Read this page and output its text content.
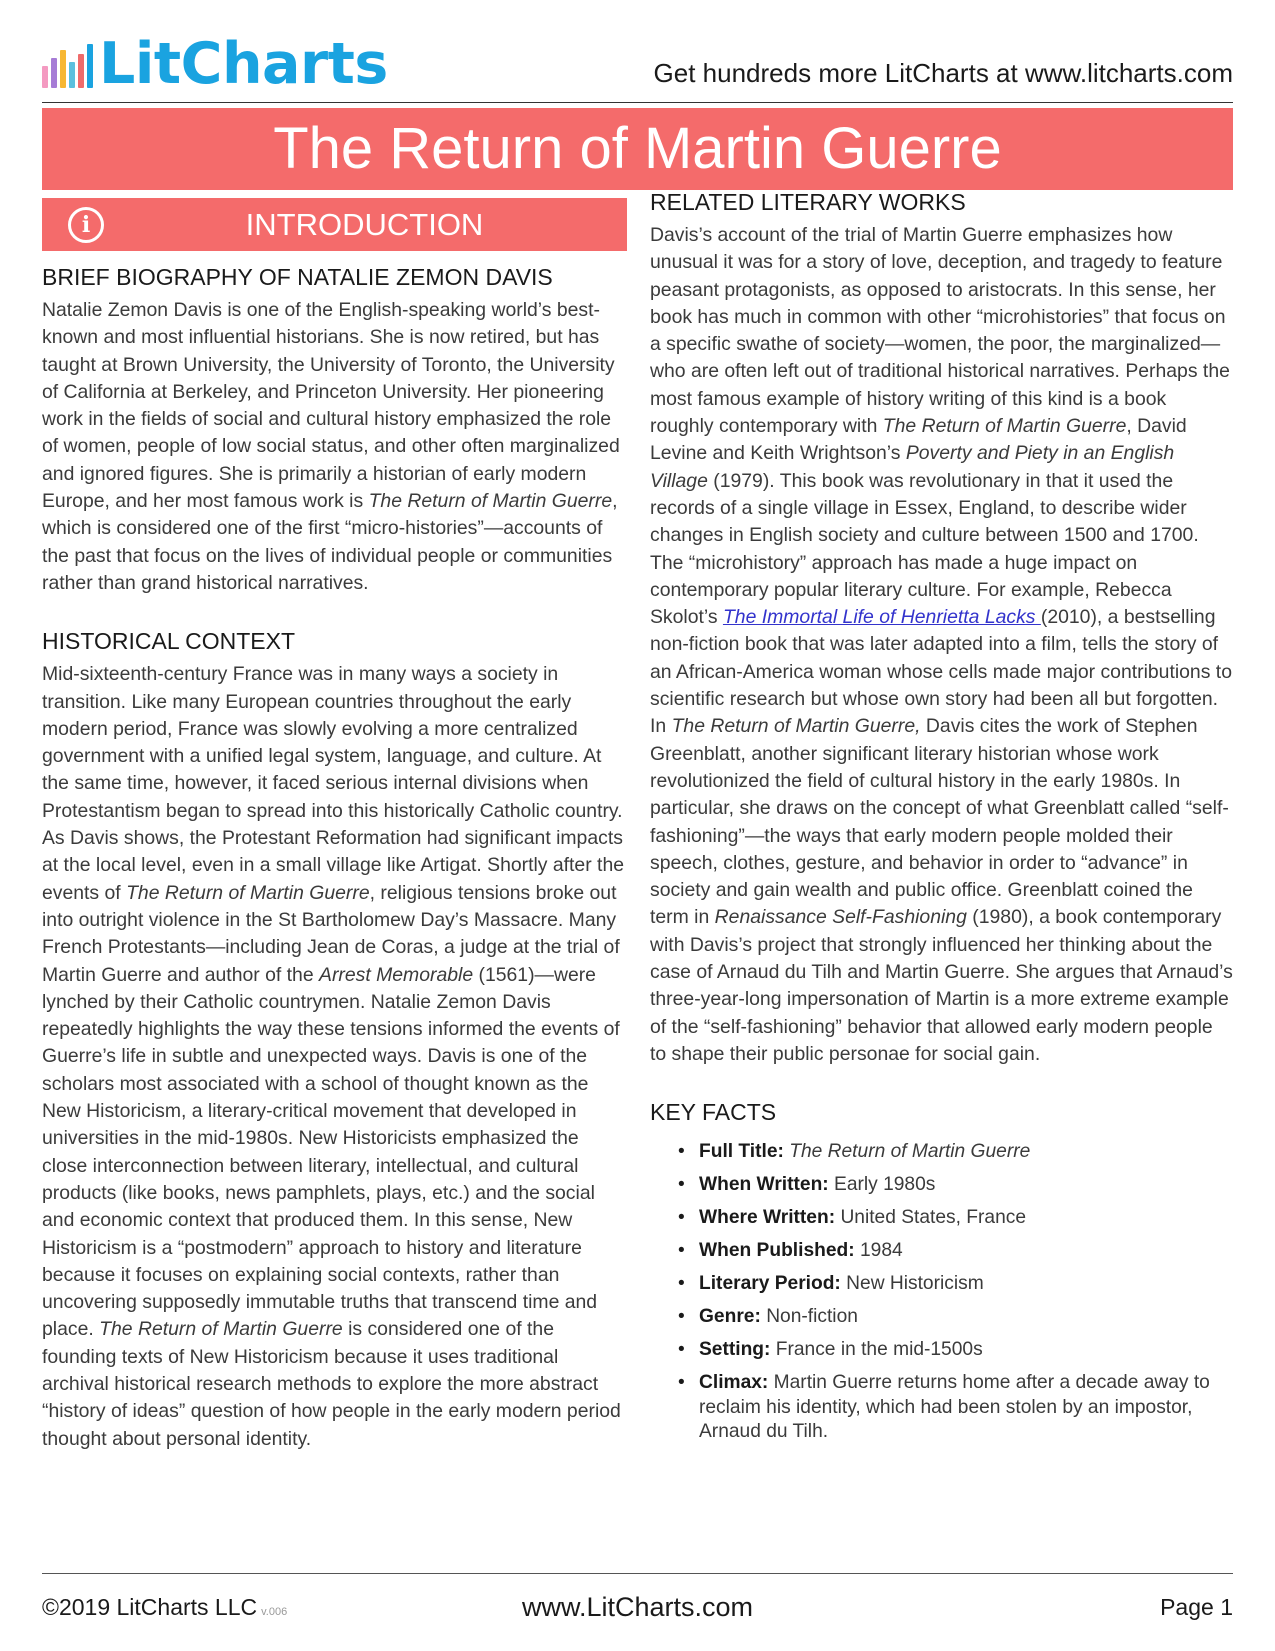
LitCharts	Get hundreds more LitCharts at www.litcharts.com
The Return of Martin Guerre
i	INTRODUCTION
BRIEF BIOGRAPHY OF NATALIE ZEMON DAVIS

Natalie Zemon Davis is one of the English-speaking world’s best-known and most influential historians. She is now retired, but has taught at Brown University, the University of Toronto, the University of California at Berkeley, and Princeton University. Her pioneering work in the fields of social and cultural history emphasized the role of women, people of low social status, and other often marginalized and ignored figures. She is primarily a historian of early modern Europe, and her most famous work is The Return of Martin Guerre, which is considered one of the first “micro-histories”—accounts of the past that focus on the lives of individual people or communities rather than grand historical narratives.

HISTORICAL CONTEXT

Mid-sixteenth-century France was in many ways a society in transition. Like many European countries throughout the early modern period, France was slowly evolving a more centralized government with a unified legal system, language, and culture. At the same time, however, it faced serious internal divisions when Protestantism began to spread into this historically Catholic country. As Davis shows, the Protestant Reformation had significant impacts at the local level, even in a small village like Artigat. Shortly after the events of The Return of Martin Guerre, religious tensions broke out into outright violence in the St Bartholomew Day’s Massacre. Many French Protestants—including Jean de Coras, a judge at the trial of Martin Guerre and author of the Arrest Memorable (1561)—were lynched by their Catholic countrymen. Natalie Zemon Davis repeatedly highlights the way these tensions informed the events of Guerre’s life in subtle and unexpected ways. Davis is one of the scholars most associated with a school of thought known as the New Historicism, a literary-critical movement that developed in universities in the mid-1980s. New Historicists emphasized the close interconnection between literary, intellectual, and cultural products (like books, news pamphlets, plays, etc.) and the social and economic context that produced them. In this sense, New Historicism is a “postmodern” approach to history and literature because it focuses on explaining social contexts, rather than uncovering supposedly immutable truths that transcend time and place. The Return of Martin Guerre is considered one of the founding texts of New Historicism because it uses traditional archival historical research methods to explore the more abstract “history of ideas” question of how people in the early modern period thought about personal identity.

RELATED LITERARY WORKS

Davis’s account of the trial of Martin Guerre emphasizes how unusual it was for a story of love, deception, and tragedy to feature peasant protagonists, as opposed to aristocrats. In this sense, her book has much in common with other “microhistories” that focus on a specific swathe of society—women, the poor, the marginalized—who are often left out of traditional historical narratives. Perhaps the most famous example of history writing of this kind is a book roughly contemporary with The Return of Martin Guerre, David Levine and Keith Wrightson’s Poverty and Piety in an English Village (1979). This book was revolutionary in that it used the records of a single village in Essex, England, to describe wider changes in English society and culture between 1500 and 1700. The “microhistory” approach has made a huge impact on contemporary popular literary culture. For example, Rebecca Skolot’s The Immortal Life of Henrietta Lacks (2010), a bestselling non-fiction book that was later adapted into a film, tells the story of an African-America woman whose cells made major contributions to scientific research but whose own story had been all but forgotten. In The Return of Martin Guerre, Davis cites the work of Stephen Greenblatt, another significant literary historian whose work revolutionized the field of cultural history in the early 1980s. In particular, she draws on the concept of what Greenblatt called “self-fashioning”—the ways that early modern people molded their speech, clothes, gesture, and behavior in order to “advance” in society and gain wealth and public office. Greenblatt coined the term in Renaissance Self-Fashioning (1980), a book contemporary with Davis’s project that strongly influenced her thinking about the case of Arnaud du Tilh and Martin Guerre. She argues that Arnaud’s three-year-long impersonation of Martin is a more extreme example of the “self-fashioning” behavior that allowed early modern people to shape their public personae for social gain.

KEY FACTS
• Full Title: The Return of Martin Guerre
• When Written: Early 1980s
• Where Written: United States, France
• When Published: 1984
• Literary Period: New Historicism
• Genre: Non-fiction
• Setting: France in the mid-1500s
• Climax: Martin Guerre returns home after a decade away to reclaim his identity, which had been stolen by an impostor, Arnaud du Tilh.
©2019 LitCharts LLC v.006	www.LitCharts.com	Page 1
